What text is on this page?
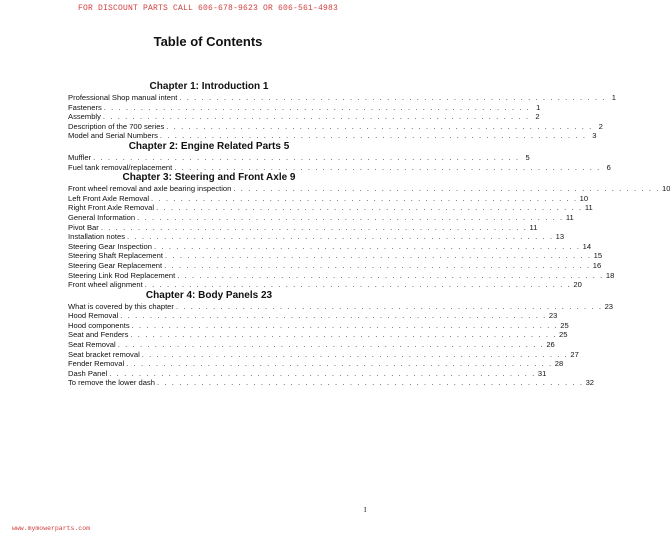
FOR DISCOUNT PARTS CALL 606-678-9623 OR 606-561-4983
Table of Contents
Chapter 1: Introduction 1
Professional Shop manual intent . . . . . . . . . . . . . . . . . . . . . . . . . . . . . . . . . . . . . . . . . . . . . . . . . . . . . . . . . . 1
Fasteners . . . . . . . . . . . . . . . . . . . . . . . . . . . . . . . . . . . . . . . . . . . . . . . . . . . . . . . . . . 1
Assembly . . . . . . . . . . . . . . . . . . . . . . . . . . . . . . . . . . . . . . . . . . . . . . . . . . . . . . . . . . 2
Description of the 700 series . . . . . . . . . . . . . . . . . . . . . . . . . . . . . . . . . . . . . . . . . . . . . . . . . . . . . . . . . . 2
Model and Serial Numbers . . . . . . . . . . . . . . . . . . . . . . . . . . . . . . . . . . . . . . . . . . . . . . . . . . . . . . . . . . 3
Chapter 2: Engine Related Parts 5
Muffler . . . . . . . . . . . . . . . . . . . . . . . . . . . . . . . . . . . . . . . . . . . . . . . . . . . . . . . . . . 5
Fuel tank removal/replacement . . . . . . . . . . . . . . . . . . . . . . . . . . . . . . . . . . . . . . . . . . . . . . . . . . . . . . . . . . 6
Chapter 3: Steering and Front Axle 9
Front wheel removal and axle bearing inspection . . . . . . . . . . . . . . . . . . . . . . . . . . . . . . . . . . . . . . . . . . . . . . . . . . . . . . . . . . 10
Left Front Axle Removal . . . . . . . . . . . . . . . . . . . . . . . . . . . . . . . . . . . . . . . . . . . . . . . . . . . . . . . . . . 10
Right Front Axle Removal . . . . . . . . . . . . . . . . . . . . . . . . . . . . . . . . . . . . . . . . . . . . . . . . . . . . . . . . . . 11
General Information . . . . . . . . . . . . . . . . . . . . . . . . . . . . . . . . . . . . . . . . . . . . . . . . . . . . . . . . . . 11
Pivot Bar . . . . . . . . . . . . . . . . . . . . . . . . . . . . . . . . . . . . . . . . . . . . . . . . . . . . . . . . . . 11
Installation notes . . . . . . . . . . . . . . . . . . . . . . . . . . . . . . . . . . . . . . . . . . . . . . . . . . . . . . . . . . 13
Steering Gear Inspection . . . . . . . . . . . . . . . . . . . . . . . . . . . . . . . . . . . . . . . . . . . . . . . . . . . . . . . . . . 14
Steering Shaft Replacement . . . . . . . . . . . . . . . . . . . . . . . . . . . . . . . . . . . . . . . . . . . . . . . . . . . . . . . . . . 15
Steering Gear Replacement . . . . . . . . . . . . . . . . . . . . . . . . . . . . . . . . . . . . . . . . . . . . . . . . . . . . . . . . . . 16
Steering Link Rod Replacement . . . . . . . . . . . . . . . . . . . . . . . . . . . . . . . . . . . . . . . . . . . . . . . . . . . . . . . . . . 18
Front wheel alignment . . . . . . . . . . . . . . . . . . . . . . . . . . . . . . . . . . . . . . . . . . . . . . . . . . . . . . . . . . 20
Chapter 4: Body Panels 23
What is covered by this chapter . . . . . . . . . . . . . . . . . . . . . . . . . . . . . . . . . . . . . . . . . . . . . . . . . . . . . . . . . . 23
Hood Removal . . . . . . . . . . . . . . . . . . . . . . . . . . . . . . . . . . . . . . . . . . . . . . . . . . . . . . . . . . 23
Hood components . . . . . . . . . . . . . . . . . . . . . . . . . . . . . . . . . . . . . . . . . . . . . . . . . . . . . . . . . . 25
Seat and Fenders . . . . . . . . . . . . . . . . . . . . . . . . . . . . . . . . . . . . . . . . . . . . . . . . . . . . . . . . . . 25
Seat Removal . . . . . . . . . . . . . . . . . . . . . . . . . . . . . . . . . . . . . . . . . . . . . . . . . . . . . . . . . . 26
Seat bracket removal . . . . . . . . . . . . . . . . . . . . . . . . . . . . . . . . . . . . . . . . . . . . . . . . . . . . . . . . . . 27
Fender Removal . . . . . . . . . . . . . . . . . . . . . . . . . . . . . . . . . . . . . . . . . . . . . . . . . . . . . . . . . . 28
Dash Panel . . . . . . . . . . . . . . . . . . . . . . . . . . . . . . . . . . . . . . . . . . . . . . . . . . . . . . . . . . 31
To remove the lower dash . . . . . . . . . . . . . . . . . . . . . . . . . . . . . . . . . . . . . . . . . . . . . . . . . . . . . . . . . . 32
I
www.mymowerparts.com
